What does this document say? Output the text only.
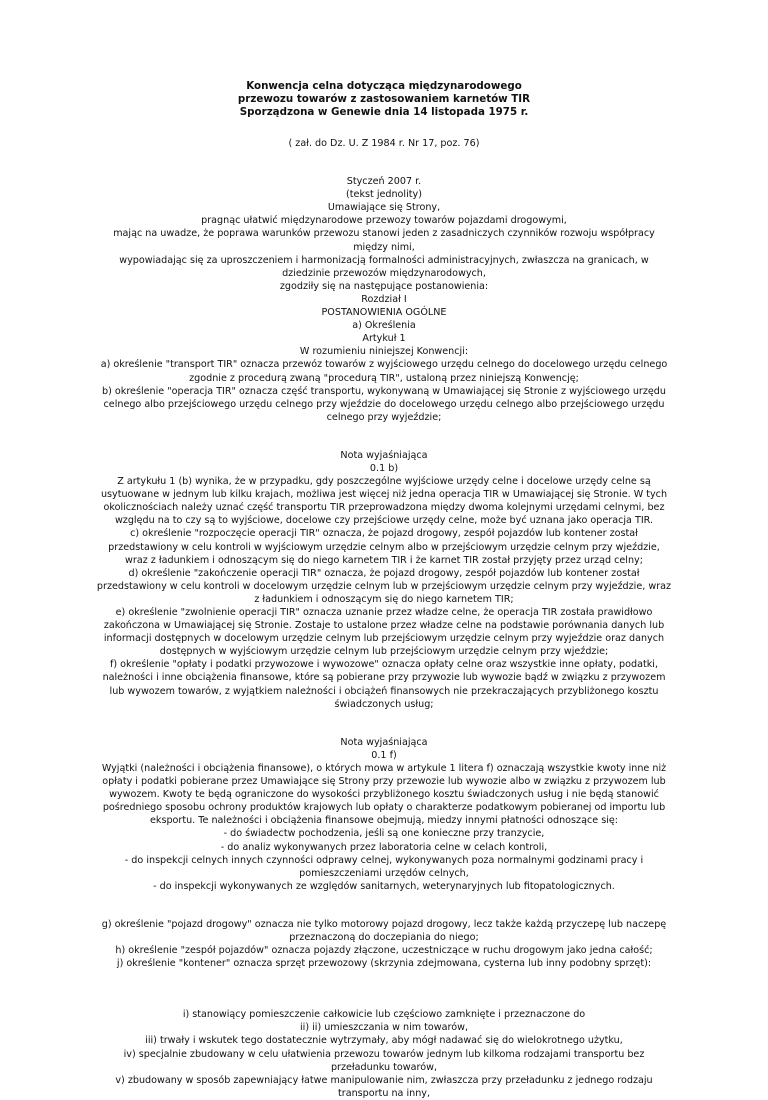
Konwencja celna dotycząca międzynarodowego
przewozu towarów z zastosowaniem karnetów TIR
Sporządzona w Genewie dnia 14 listopada 1975 r.
( zał. do Dz. U. Z 1984 r. Nr 17, poz. 76)
Styczeń 2007 r.
(tekst jednolity)
Umawiające się Strony,
pragnąc ułatwić międzynarodowe przewozy towarów pojazdami drogowymi,
mając na uwadze, że poprawa warunków przewozu stanowi jeden z zasadniczych czynników rozwoju współpracy
między nimi,
wypowiadając się za uproszczeniem i harmonizacją formalności administracyjnych, zwłaszcza na granicach, w
dziedzinie przewozów międzynarodowych,
zgodziły się na następujące postanowienia:
Rozdział I
POSTANOWIENIA OGÓLNE
a) Określenia
Artykuł 1
W rozumieniu niniejszej Konwencji:
a) określenie "transport TIR" oznacza przewóz towarów z wyjściowego urzędu celnego do docelowego urzędu celnego
zgodnie z procedurą zwaną "procedurą TIR", ustaloną przez niniejszą Konwencję;
b) określenie "operacja TIR" oznacza część transportu, wykonywaną w Umawiającej się Stronie z wyjściowego urzędu
celnego albo przejściowego urzędu celnego przy wjeździe do docelowego urzędu celnego albo przejściowego urzędu
celnego przy wyjeździe;
Nota wyjaśniająca
0.1 b)
Z artykułu 1 (b) wynika, że w przypadku, gdy poszczególne wyjściowe urzędy celne i docelowe urzędy celne są
usytuowane w jednym lub kilku krajach, możliwa jest więcej niż jedna operacja TIR w Umawiającej się Stronie. W tych
okolicznościach należy uznać część transportu TIR przeprowadzona między dwoma kolejnymi urzędami celnymi, bez
względu na to czy są to wyjściowe, docelowe czy przejściowe urzędy celne, może być uznana jako operacja TIR.
c) określenie "rozpoczęcie operacji TIR" oznacza, że pojazd drogowy, zespół pojazdów lub kontener został
przedstawiony w celu kontroli w wyjściowym urzędzie celnym albo w przejściowym urzędzie celnym przy wjeździe,
wraz z ładunkiem i odnoszącym się do niego karnetem TIR i że karnet TIR został przyjęty przez urząd celny;
d) określenie "zakończenie operacji TIR" oznacza, że pojazd drogowy, zespół pojazdów lub kontener został
przedstawiony w celu kontroli w docelowym urzędzie celnym lub w przejściowym urzędzie celnym przy wyjeździe, wraz
z ładunkiem i odnoszącym się do niego karnetem TIR;
e) określenie "zwolnienie operacji TIR" oznacza uznanie przez władze celne, że operacja TIR została prawidłowo
zakończona w Umawiającej się Stronie. Zostaje to ustalone przez władze celne na podstawie porównania danych lub
informacji dostępnych w docelowym urzędzie celnym lub przejściowym urzędzie celnym przy wyjeździe oraz danych
dostępnych w wyjściowym urzędzie celnym lub przejściowym urzędzie celnym przy wjeździe;
f) określenie "opłaty i podatki przywozowe i wywozowe" oznacza opłaty celne oraz wszystkie inne opłaty, podatki,
należności i inne obciążenia finansowe, które są pobierane przy przywozie lub wywozie bądź w związku z przywozem
lub wywozem towarów, z wyjątkiem należności i obciążeń finansowych nie przekraczających przybliżonego kosztu
świadczonych usług;
Nota wyjaśniająca
0.1 f)
Wyjątki (należności i obciążenia finansowe), o których mowa w artykule 1 litera f) oznaczają wszystkie kwoty inne niż
opłaty i podatki pobierane przez Umawiające się Strony przy przewozie lub wywozie albo w związku z przywozem lub
wywozem. Kwoty te będą ograniczone do wysokości przybliżonego kosztu świadczonych usług i nie będą stanowić
pośredniego sposobu ochrony produktów krajowych lub opłaty o charakterze podatkowym pobieranej od importu lub
eksportu. Te należności i obciążenia finansowe obejmują, miedzy innymi płatności odnoszące się:
- do świadectw pochodzenia, jeśli są one konieczne przy tranzycie,
- do analiz wykonywanych przez laboratoria celne w celach kontroli,
- do inspekcji celnych innych czynności odprawy celnej, wykonywanych poza normalnymi godzinami pracy i
pomieszczeniami urzędów celnych,
- do inspekcji wykonywanych ze względów sanitarnych, weterynaryjnych lub fitopatologicznych.
g) określenie "pojazd drogowy" oznacza nie tylko motorowy pojazd drogowy, lecz także każdą przyczepę lub naczepę
przeznaczoną do doczepiania do niego;
h) określenie "zespół pojazdów" oznacza pojazdy złączone, uczestniczące w ruchu drogowym jako jedna całość;
j) określenie "kontener" oznacza sprzęt przewozowy (skrzynia zdejmowana, cysterna lub inny podobny sprzęt):
i) stanowiący pomieszczenie całkowicie lub częściowo zamknięte i przeznaczone do
ii) ii) umieszczania w nim towarów,
iii) trwały i wskutek tego dostatecznie wytrzymały, aby mógł nadawać się do wielokrotnego użytku,
iv) specjalnie zbudowany w celu ułatwienia przewozu towarów jednym lub kilkoma rodzajami transportu bez
przeładunku towarów,
v) zbudowany w sposób zapewniający łatwe manipulowanie nim, zwłaszcza przy przeładunku z jednego rodzaju
transportu na inny,
